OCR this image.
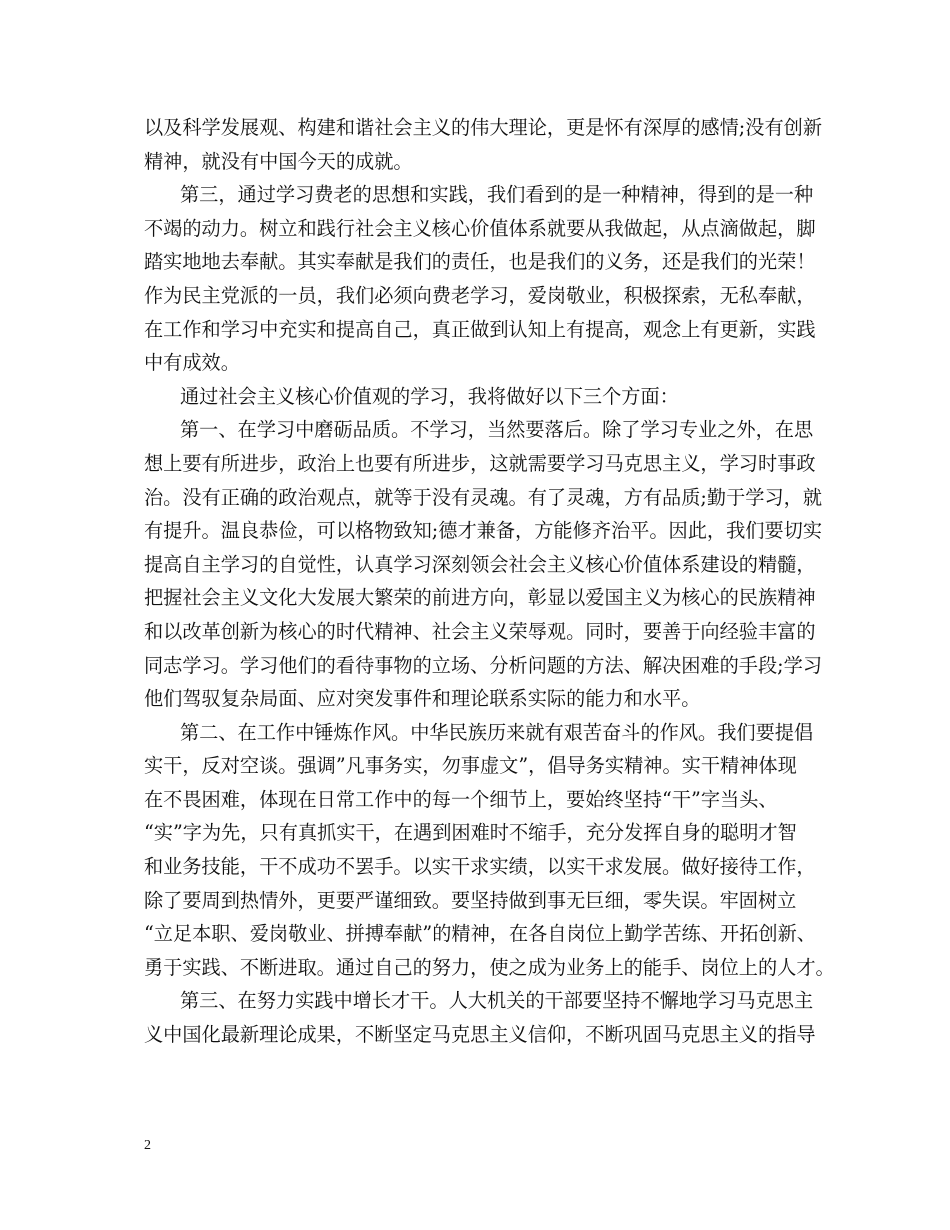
以及科学发展观、构建和谐社会主义的伟大理论，更是怀有深厚的感情;没有创新
精神，就没有中国今天的成就。
第三，通过学习费老的思想和实践，我们看到的是一种精神，得到的是一种
不竭的动力。树立和践行社会主义核心价值体系就要从我做起，从点滴做起，脚
踏实地地去奉献。其实奉献是我们的责任，也是我们的义务，还是我们的光荣！
作为民主党派的一员，我们必须向费老学习，爱岗敬业，积极探索，无私奉献，
在工作和学习中充实和提高自己，真正做到认知上有提高，观念上有更新，实践
中有成效。
通过社会主义核心价值观的学习，我将做好以下三个方面：
第一、在学习中磨砺品质。不学习，当然要落后。除了学习专业之外，在思
想上要有所进步，政治上也要有所进步，这就需要学习马克思主义，学习时事政
治。没有正确的政治观点，就等于没有灵魂。有了灵魂，方有品质;勤于学习，就
有提升。温良恭俭，可以格物致知;德才兼备，方能修齐治平。因此，我们要切实
提高自主学习的自觉性，认真学习深刻领会社会主义核心价值体系建设的精髓，
把握社会主义文化大发展大繁荣的前进方向，彰显以爱国主义为核心的民族精神
和以改革创新为核心的时代精神、社会主义荣辱观。同时，要善于向经验丰富的
同志学习。学习他们的看待事物的立场、分析问题的方法、解决困难的手段;学习
他们驾驭复杂局面、应对突发事件和理论联系实际的能力和水平。
第二、在工作中锤炼作风。中华民族历来就有艰苦奋斗的作风。我们要提倡
实干，反对空谈。强调”凡事务实，勿事虚文”，倡导务实精神。实干精神体现
在不畏困难，体现在日常工作中的每一个细节上，要始终坚持“干”字当头、
“实”字为先，只有真抓实干，在遇到困难时不缩手，充分发挥自身的聪明才智
和业务技能，干不成功不罢手。以实干求实绩，以实干求发展。做好接待工作，
除了要周到热情外，更要严谨细致。要坚持做到事无巨细，零失误。牢固树立
“立足本职、爱岗敬业、拼搏奉献”的精神，在各自岗位上勤学苦练、开拓创新、
勇于实践、不断进取。通过自己的努力，使之成为业务上的能手、岗位上的人才。
第三、在努力实践中增长才干。人大机关的干部要坚持不懈地学习马克思主
义中国化最新理论成果，不断坚定马克思主义信仰，不断巩固马克思主义的指导
2
